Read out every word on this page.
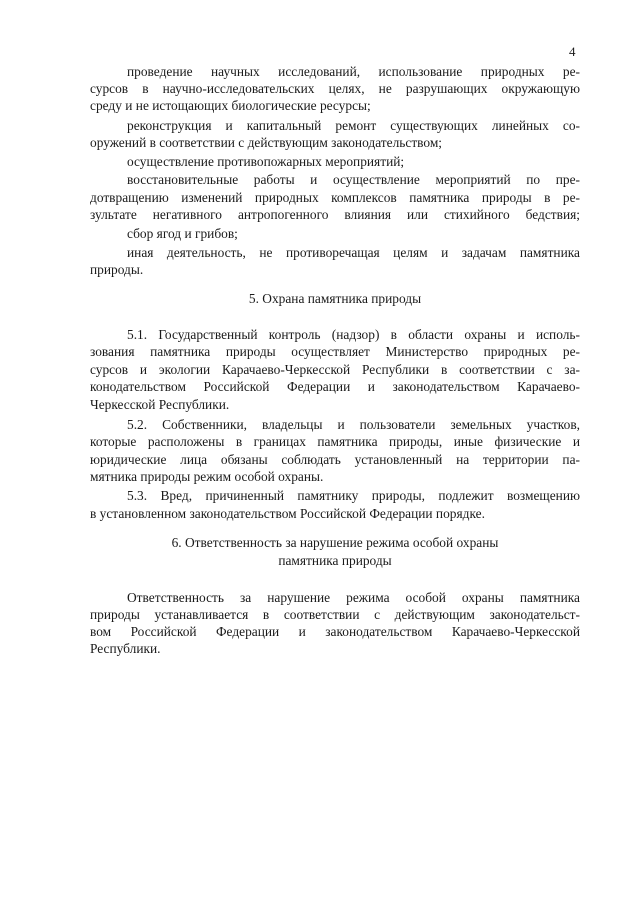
4
проведение научных исследований, использование природных ре-
сурсов в научно-исследовательских целях, не разрушающих окружающую
среду и не истощающих биологические ресурсы;
реконструкция и капитальный ремонт существующих линейных со-
оружений в соответствии с действующим законодательством;
осуществление противопожарных мероприятий;
восстановительные работы и осуществление мероприятий по пре-
дотвращению изменений природных комплексов памятника природы в ре-
зультате негативного антропогенного влияния или стихийного бедствия;
сбор ягод и грибов;
иная деятельность, не противоречащая целям и задачам памятника
природы.
5. Охрана памятника природы
5.1. Государственный контроль (надзор) в области охраны и исполь-
зования памятника природы осуществляет Министерство природных ре-
сурсов и экологии Карачаево-Черкесской Республики в соответствии с за-
конодательством Российской Федерации и законодательством Карачаево-
Черкесской Республики.
5.2. Собственники, владельцы и пользователи земельных участков,
которые расположены в границах памятника природы, иные физические и
юридические лица обязаны соблюдать установленный на территории па-
мятника природы режим особой охраны.
5.3. Вред, причиненный памятнику природы, подлежит возмещению
в установленном законодательством Российской Федерации порядке.
6. Ответственность за нарушение режима особой охраны
памятника природы
Ответственность за нарушение режима особой охраны памятника
природы устанавливается в соответствии с действующим законодательст-
вом Российской Федерации и законодательством Карачаево-Черкесской
Республики.
